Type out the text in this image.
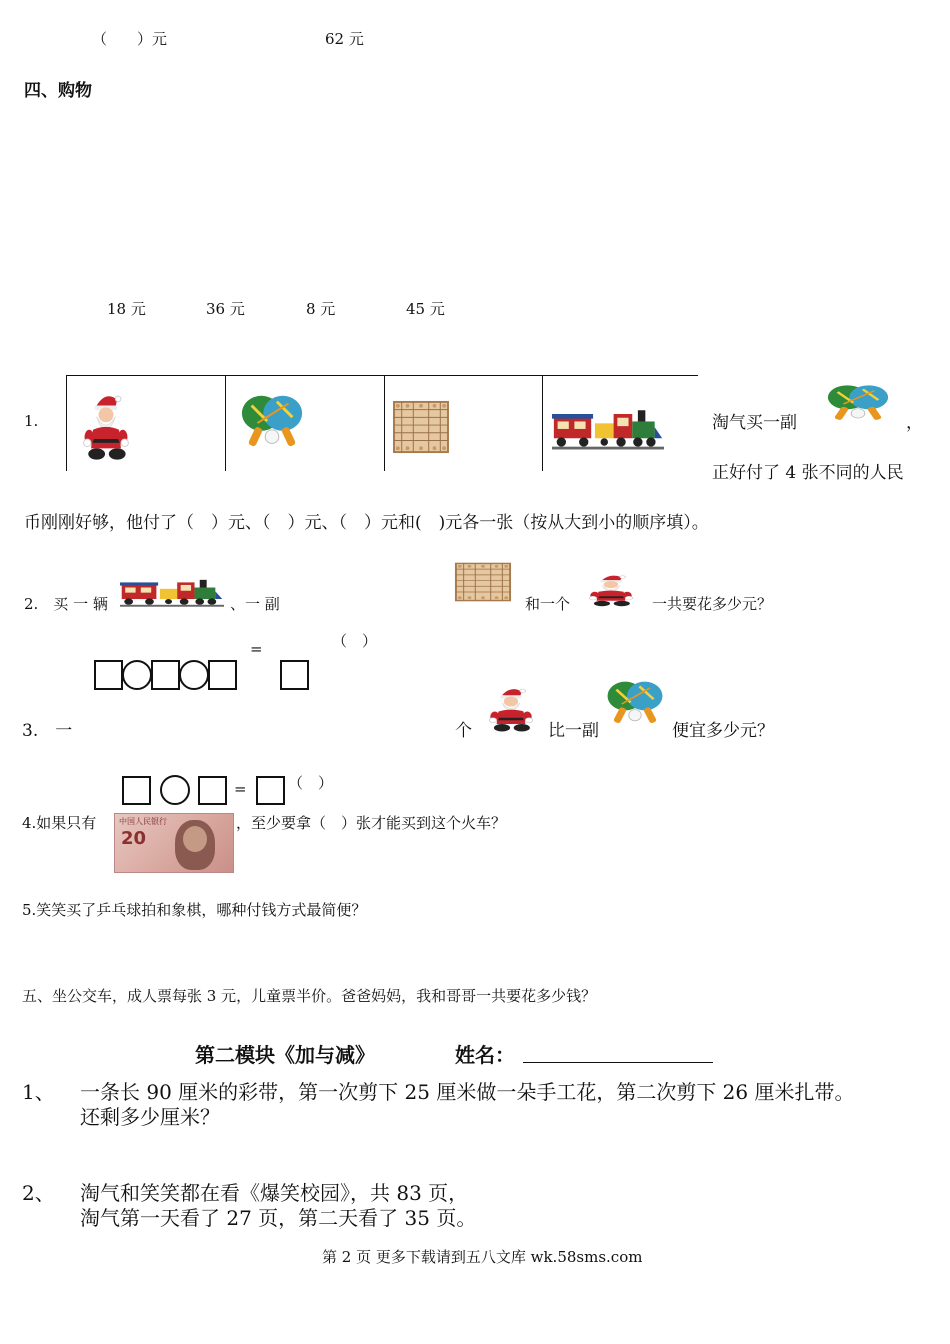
（　　）元	62 元
四、购物
18 元	36 元	8 元	45 元
1.	淘气买一副	，
正好付了 4 张不同的人民
币刚刚好够，他付了（　）元、（　）元、（　）元和(　)元各一张（按从大到小的顺序填）。
2.　买 一 辆	、一 副	和一个	一共要花多少元？
（　）
=
3.　一	个	比一副	便宜多少元？
=	（　）
4.如果只有	中国人民银行
20
，至少要拿（　）张才能买到这个火车？
5.笑笑买了乒乓球拍和象棋，哪种付钱方式最简便？
五、坐公交车，成人票每张 3 元，儿童票半价。爸爸妈妈，我和哥哥一共要花多少钱？
第二模块《加与减》	姓名：
1、 一条长 90 厘米的彩带，第一次剪下 25 厘米做一朵手工花，第二次剪下 26 厘米扎带。
还剩多少厘米？
2、 淘气和笑笑都在看《爆笑校园》，共 83 页，
淘气第一天看了 27 页，第二天看了 35 页。
第 2 页 更多下载请到五八文库 wk.58sms.com
